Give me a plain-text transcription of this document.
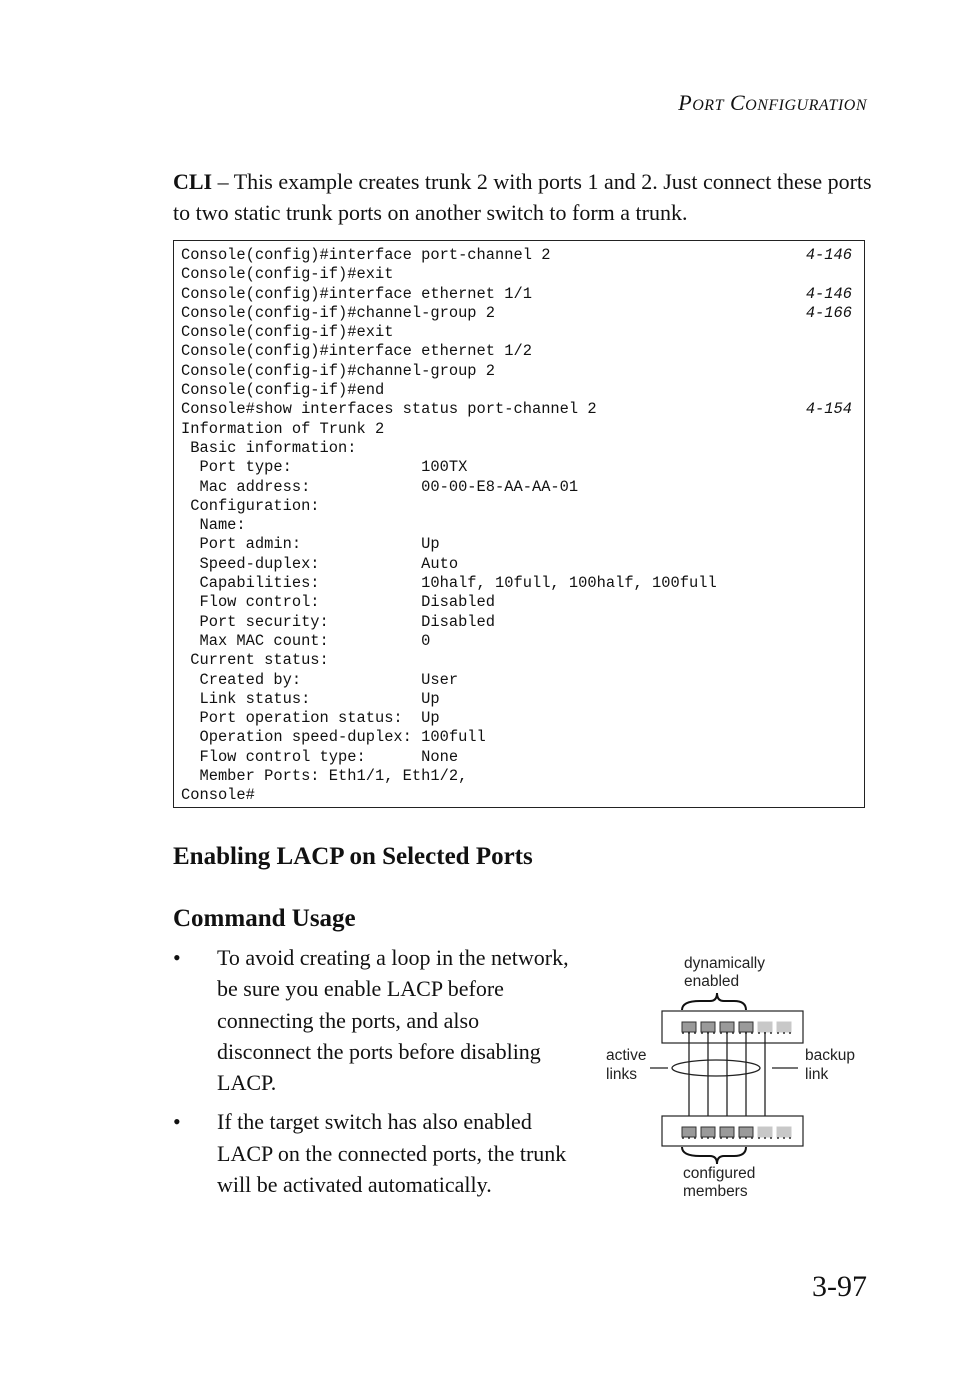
PORT CONFIGURATION
CLI – This example creates trunk 2 with ports 1 and 2. Just connect these ports to two static trunk ports on another switch to form a trunk.
Console(config)#interface port-channel 2
Console(config-if)#exit
Console(config)#interface ethernet 1/1
Console(config-if)#channel-group 2
Console(config-if)#exit
Console(config)#interface ethernet 1/2
Console(config-if)#channel-group 2
Console(config-if)#end
Console#show interfaces status port-channel 2
Information of Trunk 2
Basic information:
Port type:              100TX
Mac address:            00-00-E8-AA-AA-01
Configuration:
Name:
Port admin:             Up
Speed-duplex:           Auto
Capabilities:           10half, 10full, 100half, 100full
Flow control:           Disabled
Port security:          Disabled
Max MAC count:          0
Current status:
Created by:             User
Link status:            Up
Port operation status:  Up
Operation speed-duplex: 100full
Flow control type:      None
Member Ports: Eth1/1, Eth1/2,
Console#
4-146
4-146
4-166
4-154
Enabling LACP on Selected Ports
Command Usage
• To avoid creating a loop in the network, be sure you enable LACP before connecting the ports, and also disconnect the ports before disabling LACP.
• If the target switch has also enabled LACP on the connected ports, the trunk will be activated automatically.
dynamically
enabled
active
links
backup
link
configured
members
3-97
